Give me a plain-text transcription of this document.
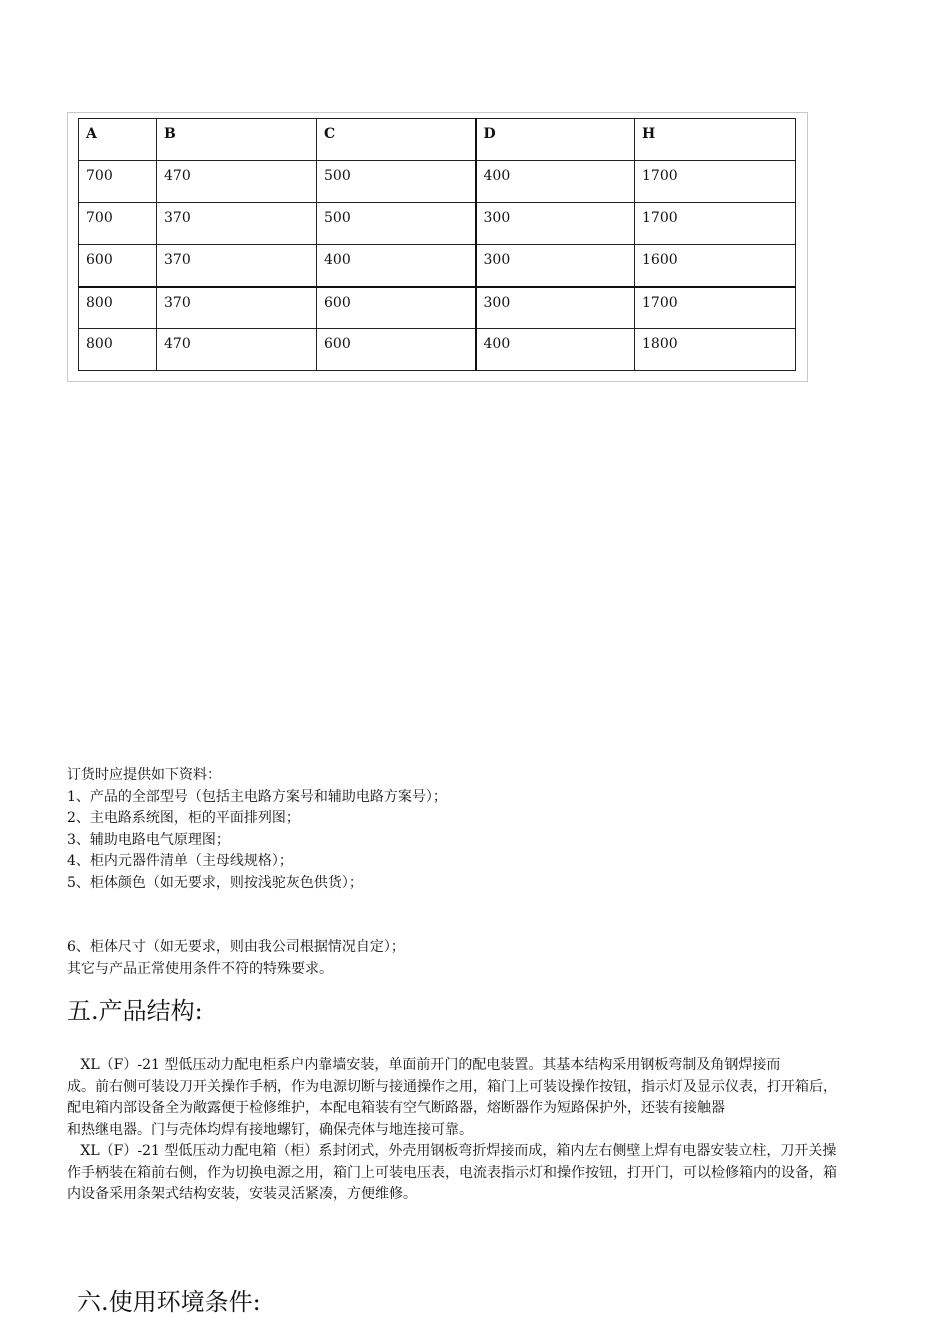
A	B	C	D	H
700	470	500	400	1700
700	370	500	300	1700
600	370	400	300	1600
800	370	600	300	1700
800	470	600	400	1800
订货时应提供如下资料：
1、产品的全部型号（包括主电路方案号和辅助电路方案号）；
2、主电路系统图，柜的平面排列图；
3、辅助电路电气原理图；
4、柜内元器件清单（主母线规格）；
5、柜体颜色（如无要求，则按浅驼灰色供货）；
6、柜体尺寸（如无要求，则由我公司根据情况自定）；
其它与产品正常使用条件不符的特殊要求。
五.产品结构:

XL（F）-21 型低压动力配电柜系户内靠墙安装，单面前开门的配电装置。其基本结构采用钢板弯制及角钢焊接而

成。前右侧可装设刀开关操作手柄，作为电源切断与接通操作之用，箱门上可装设操作按钮，指示灯及显示仪表，打开箱后，配电箱内部设备全为敞露便于检修维护，本配电箱装有空气断路器，熔断器作为短路保护外，还装有接触器

和热继电器。门与壳体均焊有接地螺钉，确保壳体与地连接可靠。

XL（F）-21 型低压动力配电箱（柜）系封闭式，外壳用钢板弯折焊接而成，箱内左右侧壁上焊有电器安装立柱，刀开关操作手柄装在箱前右侧，作为切换电源之用，箱门上可装电压表，电流表指示灯和操作按钮，打开门，可以检修箱内的设备，箱内设备采用条架式结构安装，安装灵活紧凑，方便维修。

六.使用环境条件:
